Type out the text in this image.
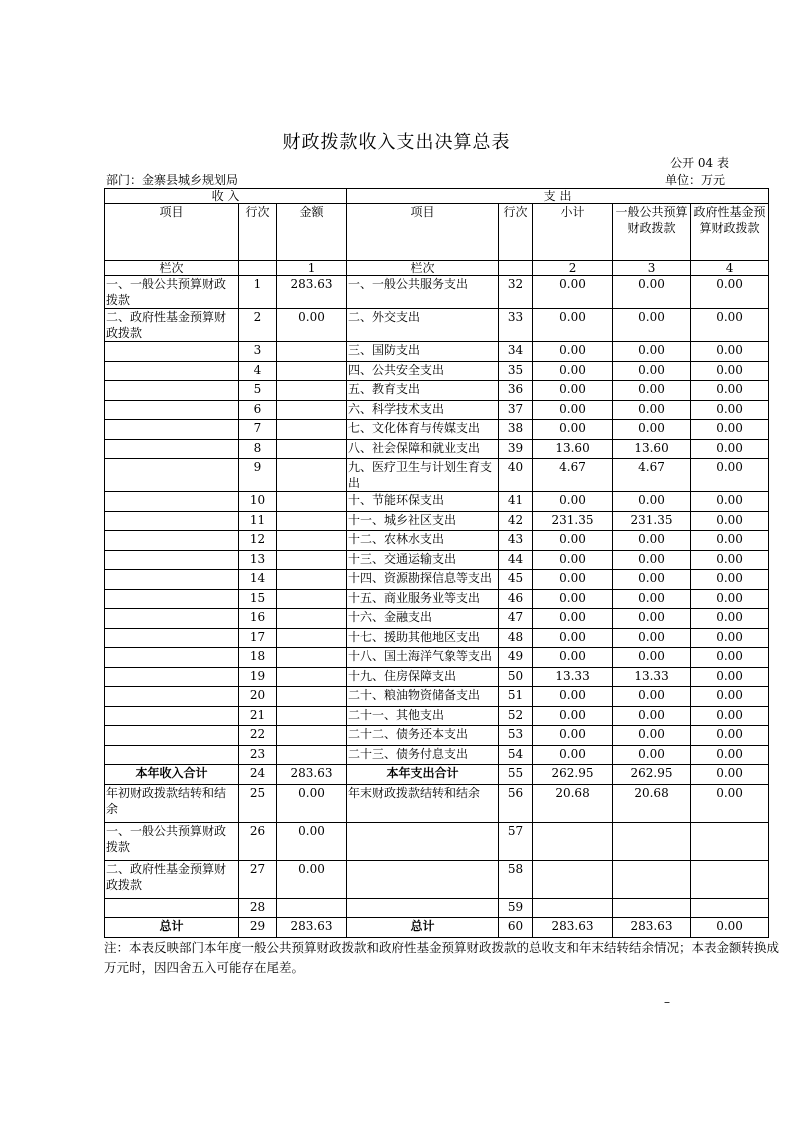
财政拨款收入支出决算总表
公开 04 表
部门：金寨县城乡规划局	单位：万元
收 入			支 出				
项目	行次	金额	项目	行次	小计	一般公共预算财政拨款	政府性基金预算财政拨款
栏次		1	栏次		2	3	4
一、一般公共预算财政拨款	1	283.63	一、一般公共服务支出	32	0.00	0.00	0.00
二、政府性基金预算财政拨款	2	0.00	二、外交支出	33	0.00	0.00	0.00
	3		三、国防支出	34	0.00	0.00	0.00
	4		四、公共安全支出	35	0.00	0.00	0.00
	5		五、教育支出	36	0.00	0.00	0.00
	6		六、科学技术支出	37	0.00	0.00	0.00
	7		七、文化体育与传媒支出	38	0.00	0.00	0.00
	8		八、社会保障和就业支出	39	13.60	13.60	0.00
	9		九、医疗卫生与计划生育支出	40	4.67	4.67	0.00
	10		十、节能环保支出	41	0.00	0.00	0.00
	11		十一、城乡社区支出	42	231.35	231.35	0.00
	12		十二、农林水支出	43	0.00	0.00	0.00
	13		十三、交通运输支出	44	0.00	0.00	0.00
	14		十四、资源勘探信息等支出	45	0.00	0.00	0.00
	15		十五、商业服务业等支出	46	0.00	0.00	0.00
	16		十六、金融支出	47	0.00	0.00	0.00
	17		十七、援助其他地区支出	48	0.00	0.00	0.00
	18		十八、国土海洋气象等支出	49	0.00	0.00	0.00
	19		十九、住房保障支出	50	13.33	13.33	0.00
	20		二十、粮油物资储备支出	51	0.00	0.00	0.00
	21		二十一、其他支出	52	0.00	0.00	0.00
	22		二十二、债务还本支出	53	0.00	0.00	0.00
	23		二十三、债务付息支出	54	0.00	0.00	0.00
本年收入合计	24	283.63	本年支出合计	55	262.95	262.95	0.00
年初财政拨款结转和结余	25	0.00	年末财政拨款结转和结余	56	20.68	20.68	0.00
一、一般公共预算财政拨款	26	0.00		57			
二、政府性基金预算财政拨款	27	0.00		58			
	28			59			
总计	29	283.63	总计	60	283.63	283.63	0.00
注：本表反映部门本年度一般公共预算财政拨款和政府性基金预算财政拨款的总收支和年末结转结余情况；本表金额转换成万元时，因四舍五入可能存在尾差。
–
